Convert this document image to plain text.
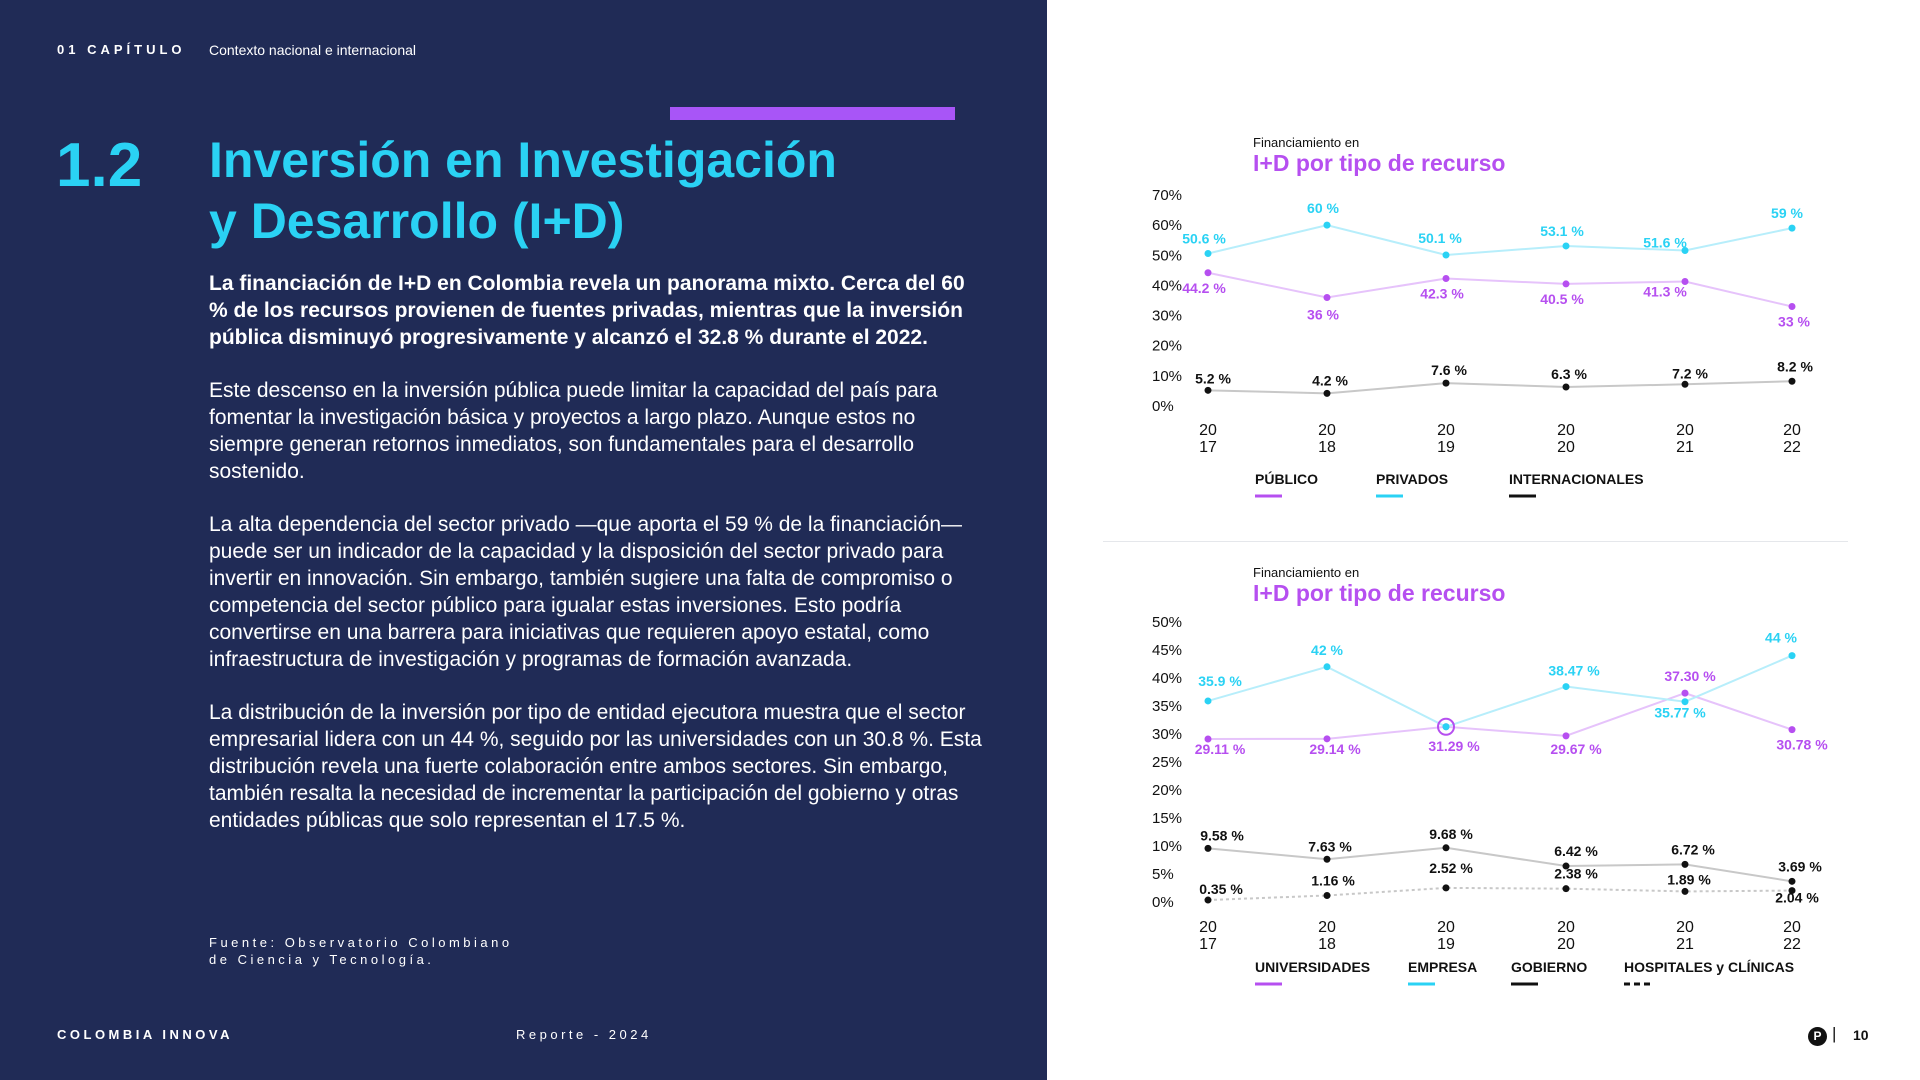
01 CAPÍTULO Contexto nacional e internacional
1.2 Inversión en Investigación
y Desarrollo (I+D)

La financiación de I+D en Colombia revela un panorama mixto. Cerca del 60 % de los recursos provienen de fuentes privadas, mientras que la inversión pública disminuyó progresivamente y alcanzó el 32.8 % durante el 2022.

Este descenso en la inversión pública puede limitar la capacidad del país para fomentar la investigación básica y proyectos a largo plazo. Aunque estos no siempre generan retornos inmediatos, son fundamentales para el desarrollo sostenido.

La alta dependencia del sector privado —que aporta el 59 % de la financiación— puede ser un indicador de la capacidad y la disposición del sector privado para invertir en innovación. Sin embargo, también sugiere una falta de compromiso o competencia del sector público para igualar estas inversiones. Esto podría convertirse en una barrera para iniciativas que requieren apoyo estatal, como infraestructura de investigación y programas de formación avanzada.

La distribución de la inversión por tipo de entidad ejecutora muestra que el sector empresarial lidera con un 44 %, seguido por las universidades con un 30.8 %. Esta distribución revela una fuerte colaboración entre ambos sectores. Sin embargo, también resalta la necesidad de incrementar la participación del gobierno y otras entidades públicas que solo representan el 17.5 %.

Fuente: Observatorio Colombiano
de Ciencia y Tecnología.
COLOMBIA INNOVA	Reporte - 2024
Financiamiento en
I+D por tipo de recurso
0%
10%
20%
30%
40%
50%
60%
70%
20
17
20
18
20
19
20
20
20
21
20
22
44.2 %
36 %
42.3 %	40.5 %	41.3 %
33 %
50.6 %
60 %
50.1 %	53.1 %
51.6 %
59 %
5.2 %	4.2 %
7.6 %	6.3 %	7.2 %	8.2 %
PÚBLICO	PRIVADOS	INTERNACIONALES
Financiamiento en
I+D por tipo de recurso
0%
5%
10%
15%
20%
25%
30%
35%
40%
45%
50%
20
17
20
18
20
19
20
20
20
21
20
22
29.11 %	29.14 %	31.29 %	29.67 %
37.30 %
30.78 %
35.9 %
42 %
38.47 %
35.77 %
44 %
9.58 %
7.63 %
9.68 %
6.42 %	6.72 %
3.69 %
0.35 %
1.16 %
2.52 %	2.38 %	1.89 %
2.04 %
UNIVERSIDADES	EMPRESA GOBIERNO	HOSPITALES y CLÍNICAS
P | 10
